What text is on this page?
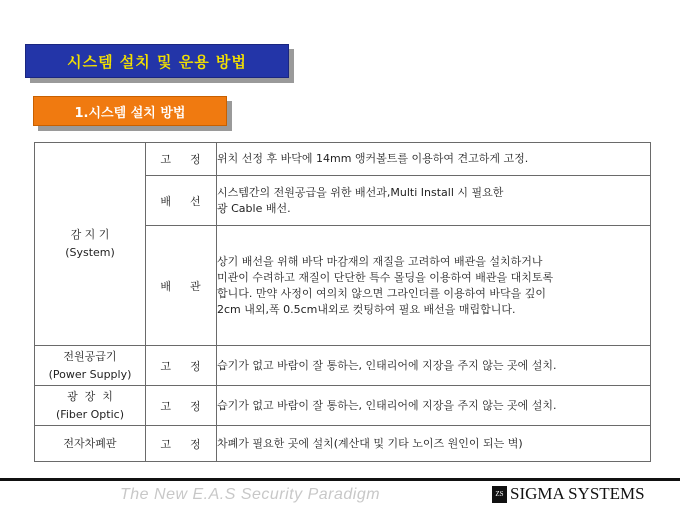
시스템 설치 및 운용 방법
1.시스템 설치 방법
감 지 기
(System)	고    정	위치 선정 후 바닥에 14mm 앵커볼트를 이용하여 견고하게 고정.
	배    선	시스템간의 전원공급을 위한 배선과,Multi Install 시 필요한
광 Cable 배선.

	배    관	상기 배선을 위해 바닥 마감재의 재질을 고려하여 배관을 설치하거나
미관이 수려하고 재질이 단단한 특수 몰딩을 이용하여 배관을 대치토록
합니다. 만약 사정이 여의치 않으면 그라인더를 이용하여 바닥을 깊이
2cm 내외,폭 0.5cm내외로 컷팅하여 필요 배선을 매립합니다.

전원공급기
(Power Supply)	고    정	습기가 없고 바람이 잘 통하는, 인태리어에 지장을 주지 않는 곳에 설치.

광  장  치
(Fiber Optic)	고    정	습기가 없고 바람이 잘 통하는, 인태리어에 지장을 주지 않는 곳에 설치.

전자차폐판	고    정	차폐가 필요한 곳에 설치(계산대 및 기타 노이즈 원인이 되는 벽)
The New E.A.S Security Paradigm	ZS SIGMA SYSTEMS
